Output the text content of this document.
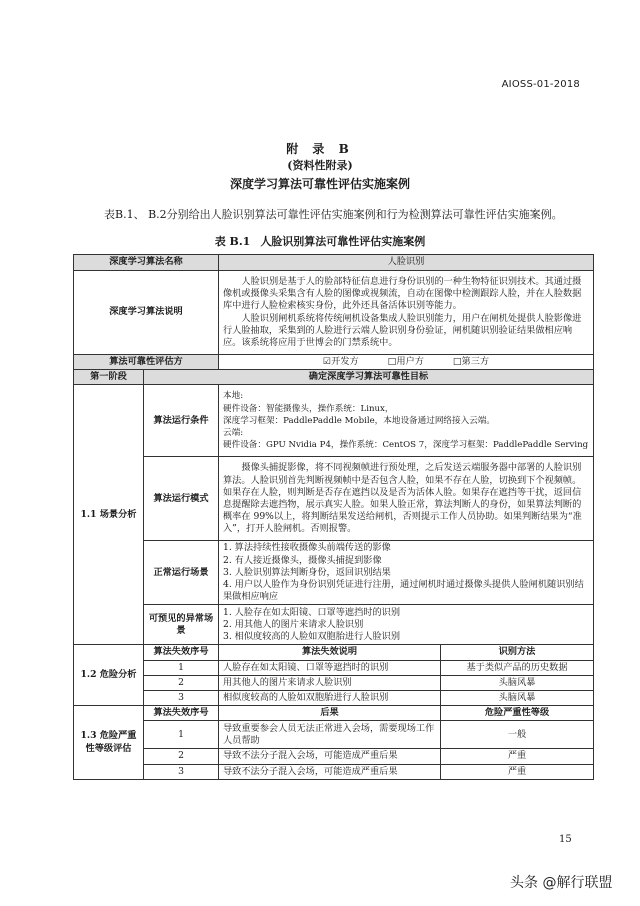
AIOSS-01-2018
附 录 B
(资料性附录)
深度学习算法可靠性评估实施案例
表B.1、 B.2分别给出人脸识别算法可靠性评估实施案例和行为检测算法可靠性评估实施案例。
表 B.1 人脸识别算法可靠性评估实施案例
深度学习算法名称		人脸识别	
深度学习算法说明		人脸识别是基于人的脸部特征信息进行身份识别的一种生物特征识别技术。其通过摄像机或摄像头采集含有人脸的图像或视频流，自动在图像中检测跟踪人脸，并在人脸数据库中进行人脸检索核实身份，此外还具备活体识别等能力。
人脸识别闸机系统将传统闸机设备集成人脸识别能力，用户在闸机处提供人脸影像进行人脸抽取，采集到的人脸进行云端人脸识别身份验证，闸机随识别验证结果做相应响应。该系统将应用于世博会的门禁系统中。	

算法可靠性评估方		☑开发方 □用户方 □第三方	
第一阶段	确定深度学习算法可靠性目标		
1.1 场景分析	算法运行条件	本地:
硬件设备：智能摄像头，操作系统：Linux，
深度学习框架：PaddlePaddle Mobile，本地设备通过网络接入云端。
云端:
硬件设备：GPU Nvidia P4，操作系统：CentOS 7，深度学习框架：PaddlePaddle Serving	

	算法运行模式	摄像头捕捉影像，将不同视频帧进行预处理，之后发送云端服务器中部署的人脸识别算法。人脸识别首先判断视频帧中是否包含人脸，如果不存在人脸，切换到下个视频帧。如果存在人脸，则判断是否存在遮挡以及是否为活体人脸。如果存在遮挡等干扰，返回信息提醒除去遮挡物，展示真实人脸。如果人脸正常，算法判断人的身份，如果算法判断的概率在 99%以上，将判断结果发送给闸机，否则提示工作人员协助。如果判断结果为“准入”，打开人脸闸机。否则报警。	
	正常运行场景	1. 算法持续性接收摄像头前端传送的影像
2. 有人接近摄像头，摄像头捕捉到影像
3. 人脸识别算法判断身份，返回识别结果
4. 用户以人脸作为身份识别凭证进行注册，通过闸机时通过摄像头提供人脸闸机随识别结果做相应响应	

	可预见的异常场景	1. 人脸存在如太阳镜、口罩等遮挡时的识别
2. 用其他人的图片来请求人脸识别
3. 相似度较高的人脸如双胞胎进行人脸识别	

1.2 危险分析	算法失效序号	算法失效说明	识别方法
	1	人脸存在如太阳镜、口罩等遮挡时的识别	基于类似产品的历史数据
	2	用其他人的图片来请求人脸识别	头脑风暴
	3	相似度较高的人脸如双胞胎进行人脸识别	头脑风暴
1.3 危险严重性等级评估	算法失效序号	后果	危险严重性等级
	1	导致重要参会人员无法正常进入会场，需要现场工作人员帮助	一般
	2	导致不法分子混入会场，可能造成严重后果	严重
	3	导致不法分子混入会场，可能造成严重后果	严重
15
头条 @解行联盟
